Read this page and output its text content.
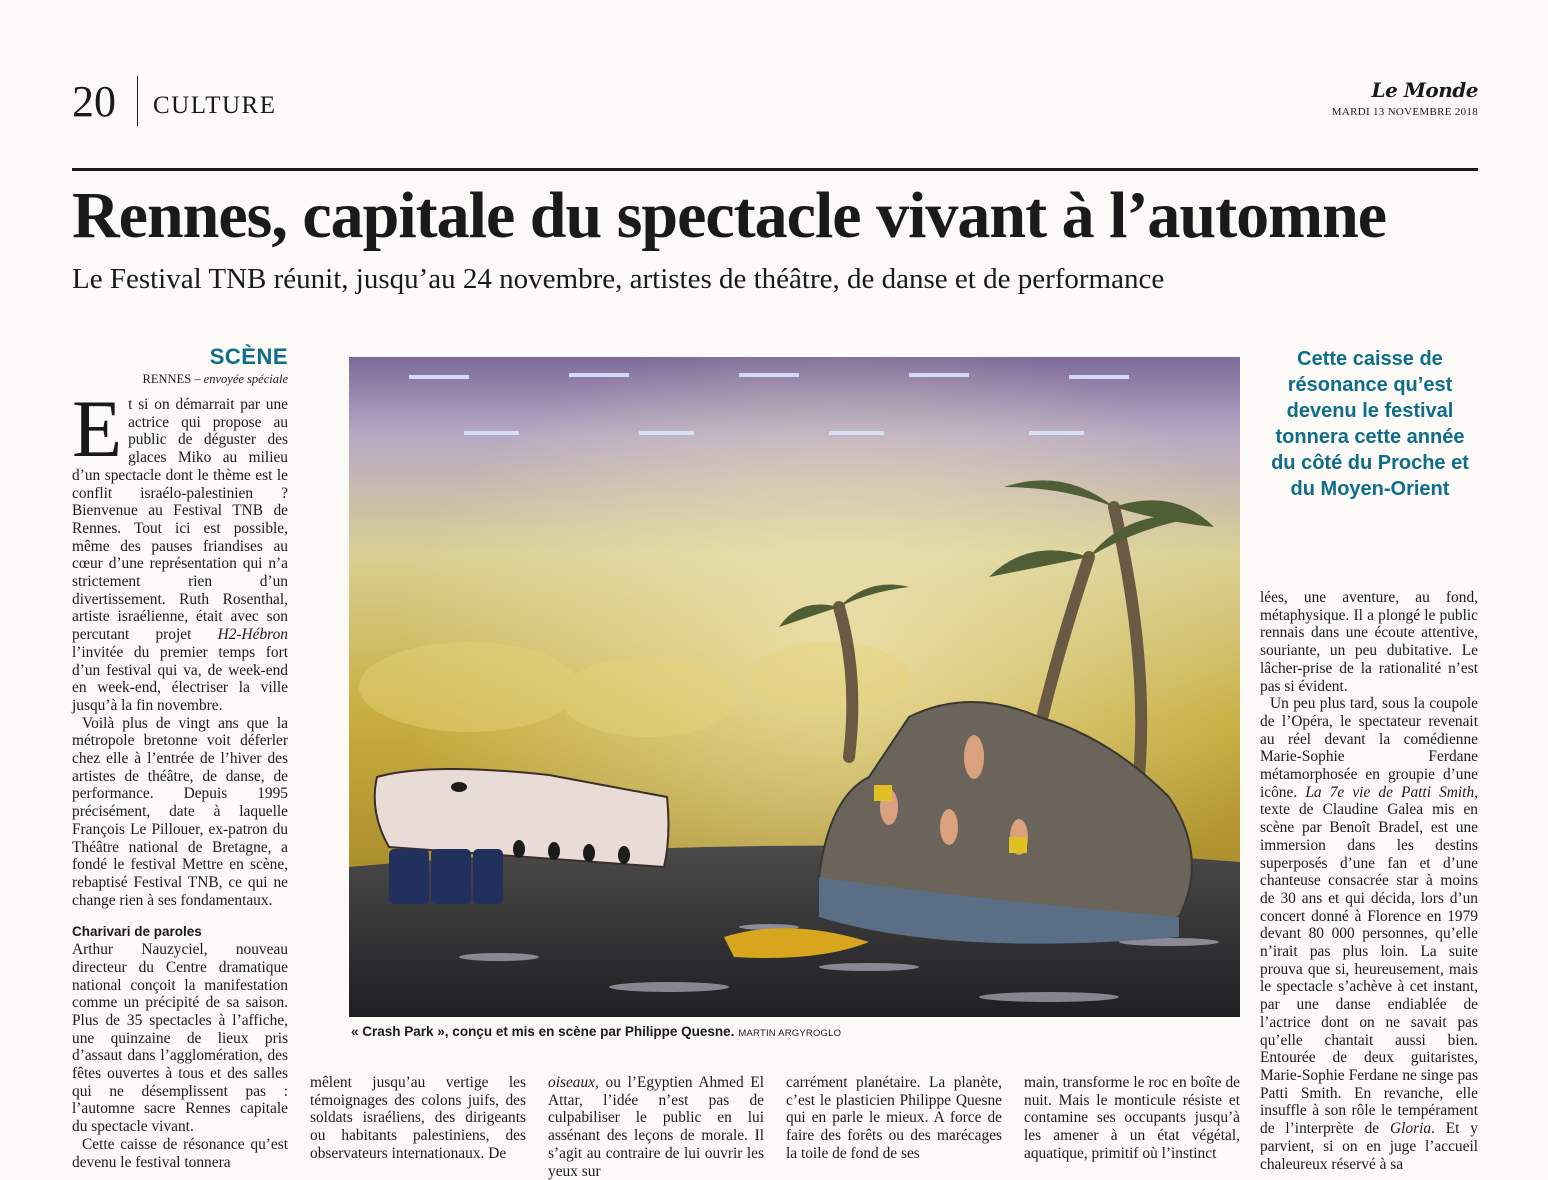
20 CULTURE
Le Monde
MARDI 13 NOVEMBRE 2018
Rennes, capitale du spectacle vivant à l’automne
Le Festival TNB réunit, jusqu’au 24 novembre, artistes de théâtre, de danse et de performance
SCÈNE
RENNES – envoyée spéciale

Et si on démarrait par une actrice qui propose au public de déguster des glaces Miko au milieu d’un spectacle dont le thème est le conflit israélo-palestinien ? Bienvenue au Festival TNB de Rennes. Tout ici est possible, même des pauses friandises au cœur d’une représentation qui n’a strictement rien d’un divertissement. Ruth Rosenthal, artiste israélienne, était avec son percutant projet H2-Hébron l’invitée du premier temps fort d’un festival qui va, de week-end en week-end, électriser la ville jusqu’à la fin novembre.

Voilà plus de vingt ans que la métropole bretonne voit déferler chez elle à l’entrée de l’hiver des artistes de théâtre, de danse, de performance. Depuis 1995 précisément, date à laquelle François Le Pillouer, ex-patron du Théâtre national de Bretagne, a fondé le festival Mettre en scène, rebaptisé Festival TNB, ce qui ne change rien à ses fondamentaux.

Charivari de paroles

Arthur Nauzyciel, nouveau directeur du Centre dramatique national conçoit la manifestation comme un précipité de sa saison. Plus de 35 spectacles à l’affiche, une quinzaine de lieux pris d’assaut dans l’agglomération, des fêtes ouvertes à tous et des salles qui ne désemplissent pas : l’automne sacre Rennes capitale du spectacle vivant.

Cette caisse de résonance qu’est devenu le festival tonnera

« Crash Park », conçu et mis en scène par Philippe Quesne. MARTIN ARGYROGLO
Cette caisse de résonance qu’est devenu le festival tonnera cette année du côté du Proche et du Moyen-Orient

lées, une aventure, au fond, métaphysique. Il a plongé le public rennais dans une écoute attentive, souriante, un peu dubitative. Le lâcher-prise de la rationalité n’est pas si évident.

Un peu plus tard, sous la coupole de l’Opéra, le spectateur revenait au réel devant la comédienne Marie-Sophie Ferdane métamorphosée en groupie d’une icône. La 7e vie de Patti Smith, texte de Claudine Galea mis en scène par Benoît Bradel, est une immersion dans les destins superposés d’une fan et d’une chanteuse consacrée star à moins de 30 ans et qui décida, lors d’un concert donné à Florence en 1979 devant 80 000 personnes, qu’elle n’irait pas plus loin. La suite prouva que si, heureusement, mais le spectacle s’achève à cet instant, par une danse endiablée de l’actrice dont on ne savait pas qu’elle chantait aussi bien. Entourée de deux guitaristes, Marie-Sophie Ferdane ne singe pas Patti Smith. En revanche, elle insuffle à son rôle le tempérament de l’interprète de Gloria. Et y parvient, si on en juge l’accueil chaleureux réservé à sa

mêlent jusqu’au vertige les témoignages des colons juifs, des soldats israéliens, des dirigeants ou habitants palestiniens, des observateurs internationaux. De

oiseaux, ou l’Egyptien Ahmed El Attar, l’idée n’est pas de culpabiliser le public en lui assénant des leçons de morale. Il s’agit au contraire de lui ouvrir les yeux sur

carrément planétaire. La planète, c’est le plasticien Philippe Quesne qui en parle le mieux. A force de faire des forêts ou des marécages la toile de fond de ses

main, transforme le roc en boîte de nuit. Mais le monticule résiste et contamine ses occupants jusqu’à les amener à un état végétal, aquatique, primitif où l’instinct
